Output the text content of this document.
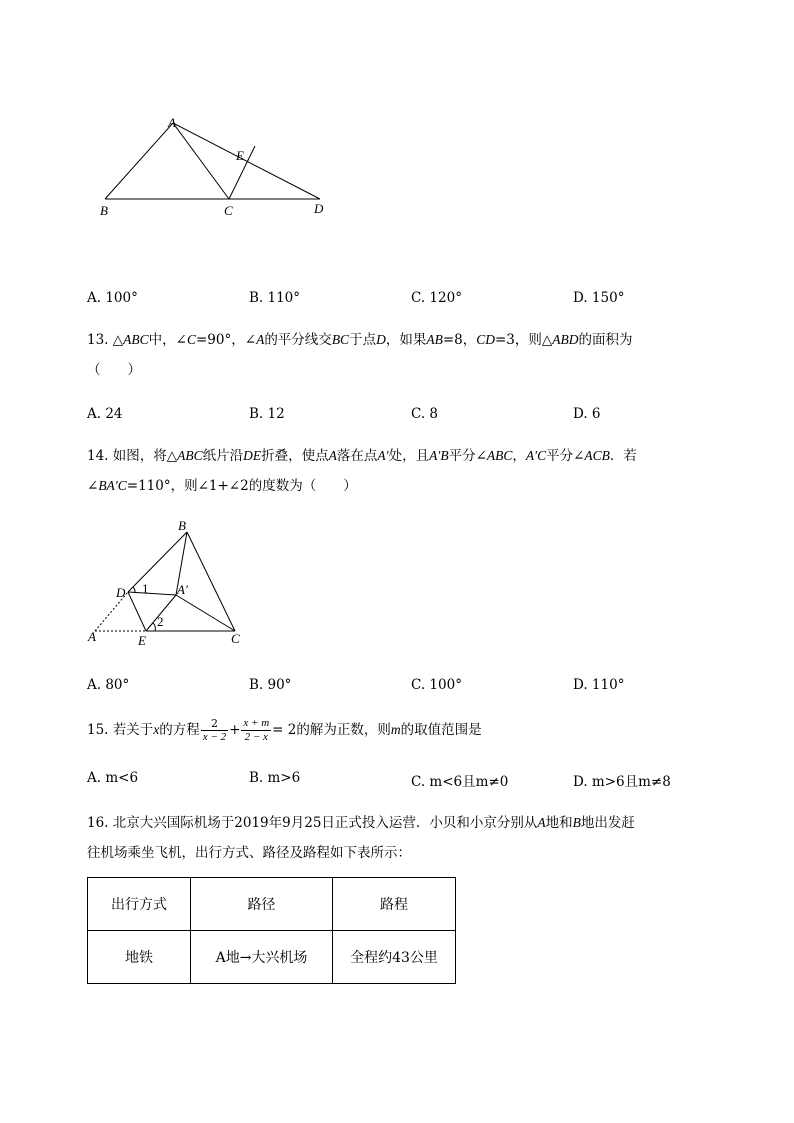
A
B	C	D
E
A. 100°	B. 110°	C. 120°	D. 150°
13. △ABC中，∠C=90°，∠A的平分线交BC于点D，如果AB=8，CD=3，则△ABD的面积为
（　　）
A. 24	B. 12	C. 8	D. 6
14. 如图，将△ABC纸片沿DE折叠，使点A落在点A′处，且A′B平分∠ABC，A′C平分∠ACB．若
∠BA′C=110°，则∠1+∠2的度数为（　　）
B
D 1 A′
2
A	E	C
A. 80°	B. 90°	C. 100°	D. 110°
15. 若关于x的方程 $\frac{2}{x - 2} + \frac{x + m}{2 - x} = 2$的解为正数，则m的取值范围是
A. m<6	B. m>6	C. m<6且m≠0	D. m>6且m≠8
16. 北京大兴国际机场于2019年9月25日正式投入运营．小贝和小京分别从A地和B地出发赶
往机场乘坐飞机，出行方式、路径及路程如下表所示：
出行方式	路径	路程
地铁	A地→大兴机场	全程约43公里
